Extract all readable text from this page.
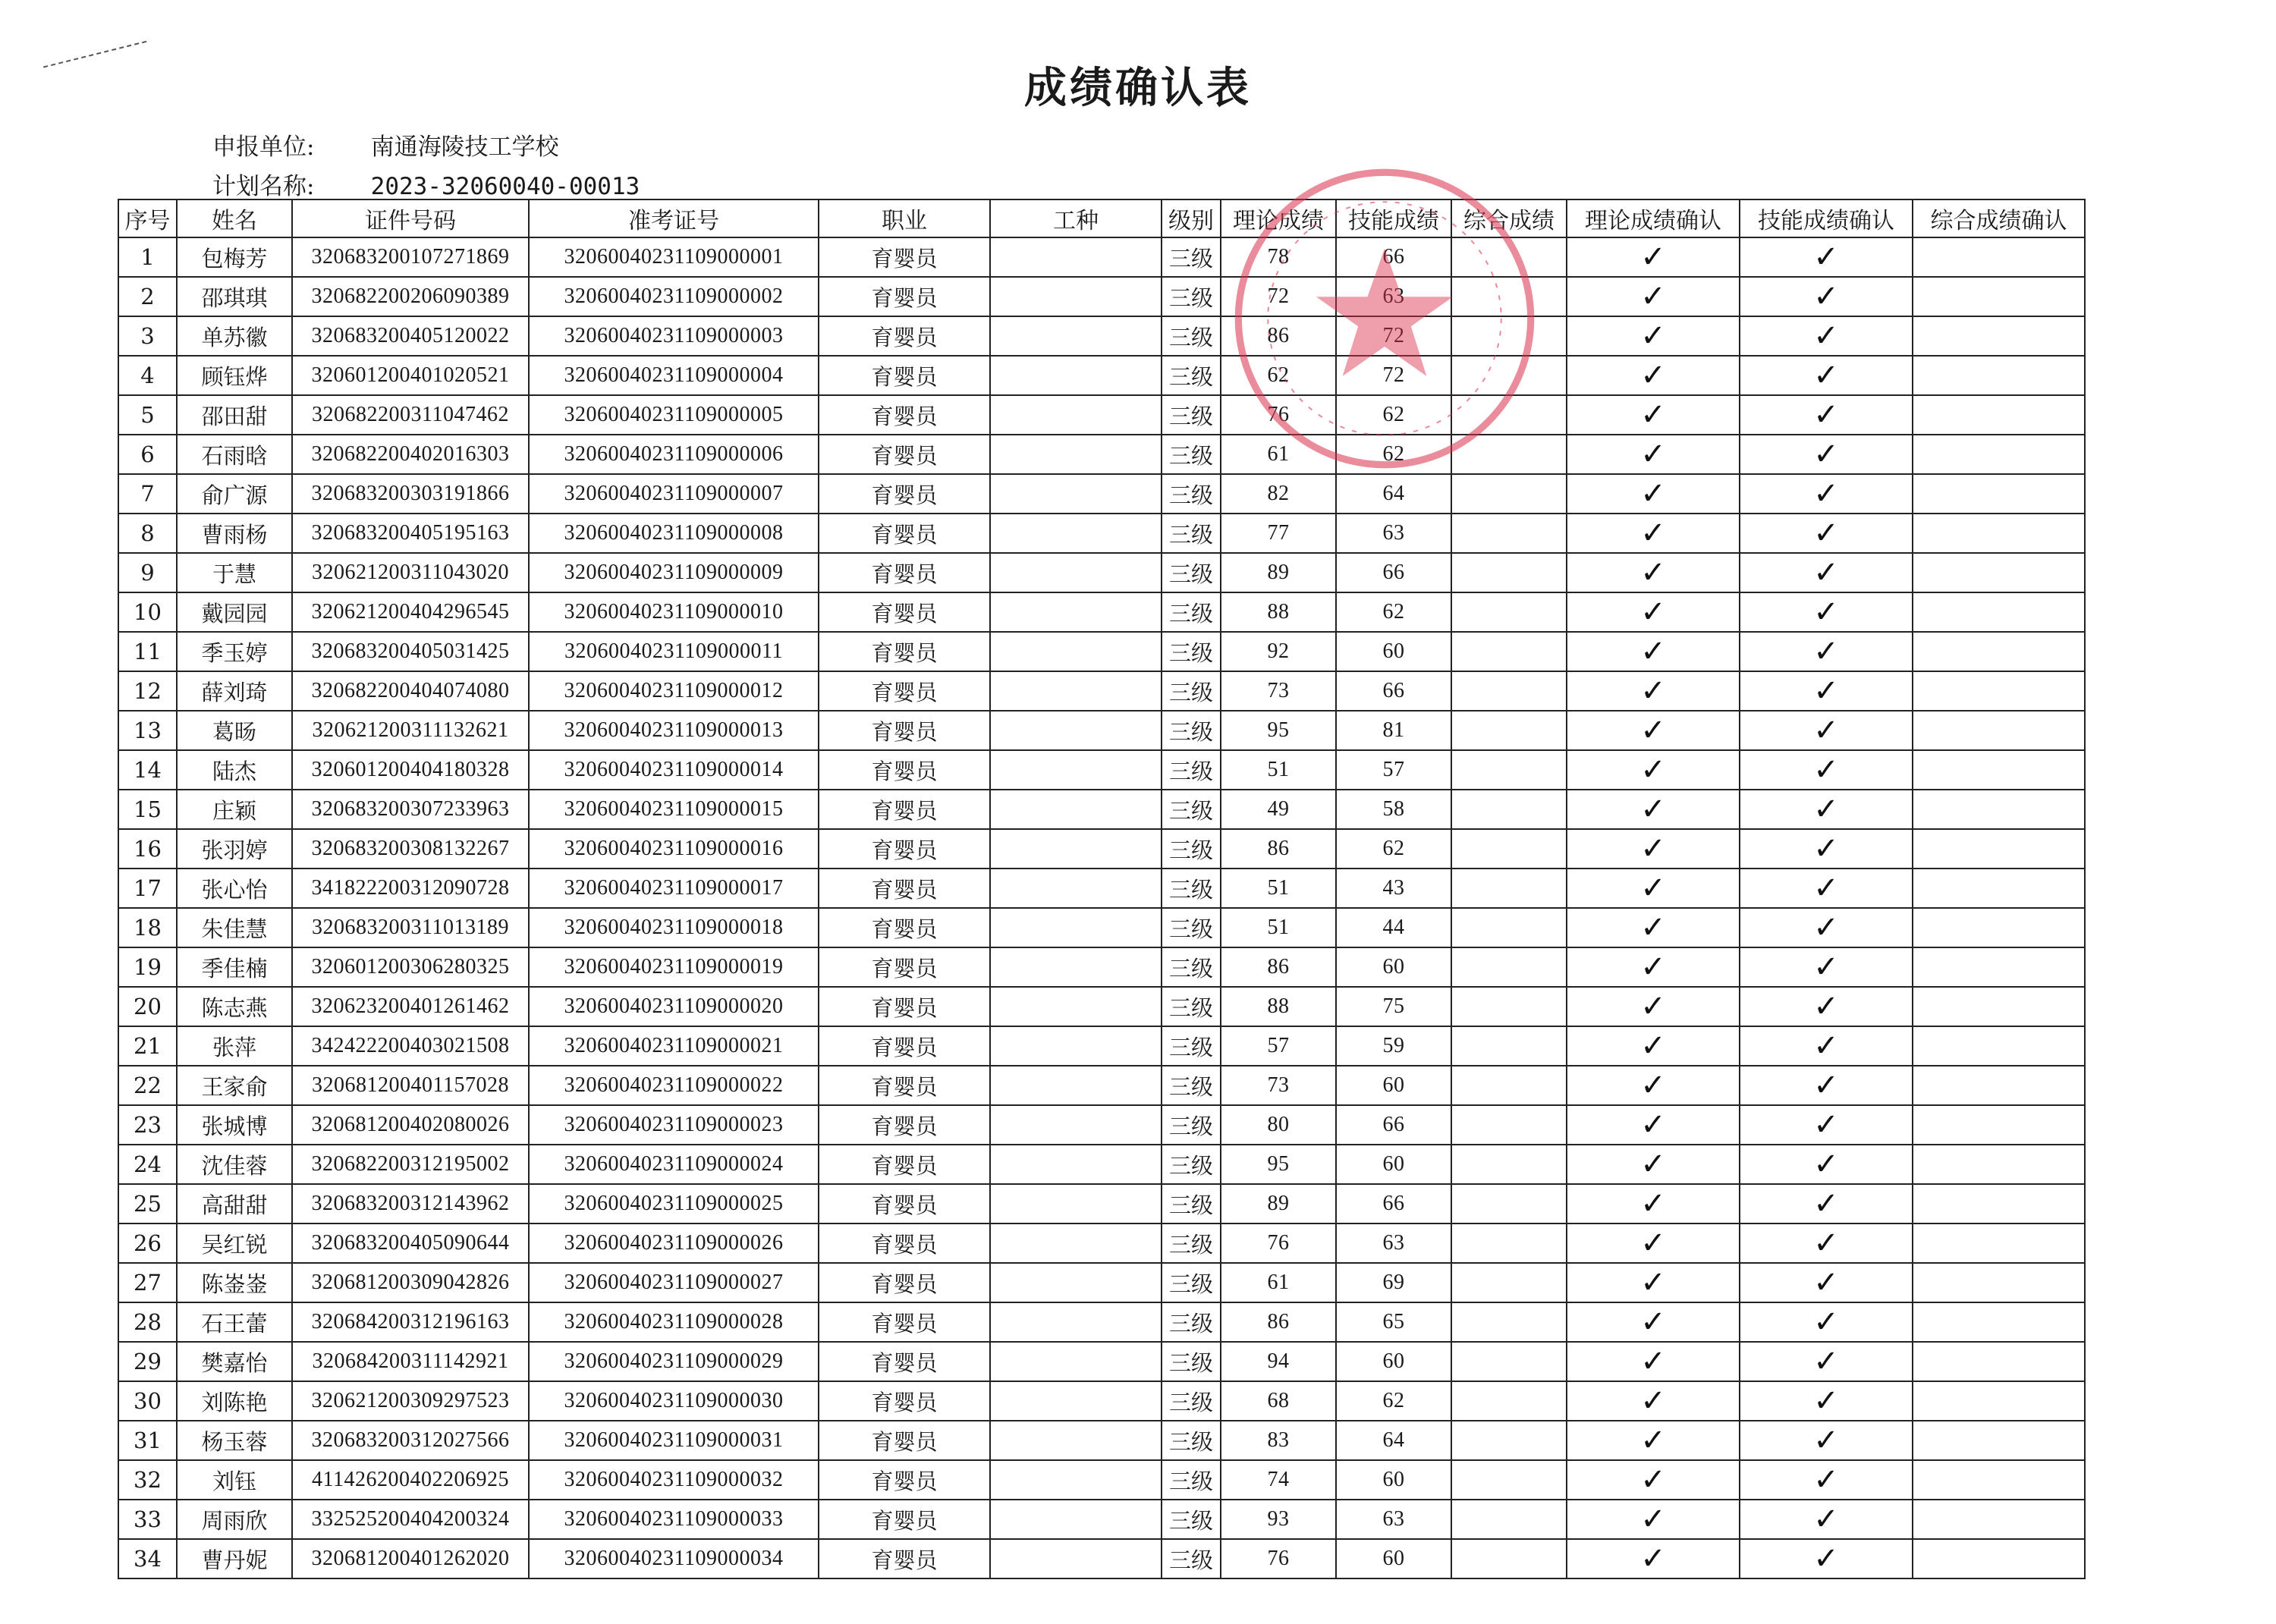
成绩确认表
申报单位: 南通海陵技工学校
计划名称: 2023-32060040-00013
序号	姓名	证件号码	准考证号	职业	工种	级别	理论成绩	技能成绩	综合成绩	理论成绩确认	技能成绩确认	综合成绩确认
1	包梅芳	320683200107271869	32060040231109000001	育婴员		三级	78	66		✓	✓	
2	邵琪琪	320682200206090389	32060040231109000002	育婴员		三级	72	63		✓	✓	
3	单苏徽	320683200405120022	32060040231109000003	育婴员		三级	86	72		✓	✓	
4	顾钰烨	320601200401020521	32060040231109000004	育婴员		三级	62	72		✓	✓	
5	邵田甜	320682200311047462	32060040231109000005	育婴员		三级	76	62		✓	✓	
6	石雨晗	320682200402016303	32060040231109000006	育婴员		三级	61	62		✓	✓	
7	俞广源	320683200303191866	32060040231109000007	育婴员		三级	82	64		✓	✓	
8	曹雨杨	320683200405195163	32060040231109000008	育婴员		三级	77	63		✓	✓	
9	于慧	320621200311043020	32060040231109000009	育婴员		三级	89	66		✓	✓	
10	戴园园	320621200404296545	32060040231109000010	育婴员		三级	88	62		✓	✓	
11	季玉婷	320683200405031425	32060040231109000011	育婴员		三级	92	60		✓	✓	
12	薛刘琦	320682200404074080	32060040231109000012	育婴员		三级	73	66		✓	✓	
13	葛旸	320621200311132621	32060040231109000013	育婴员		三级	95	81		✓	✓	
14	陆杰	320601200404180328	32060040231109000014	育婴员		三级	51	57		✓	✓	
15	庄颖	320683200307233963	32060040231109000015	育婴员		三级	49	58		✓	✓	
16	张羽婷	320683200308132267	32060040231109000016	育婴员		三级	86	62		✓	✓	
17	张心怡	341822200312090728	32060040231109000017	育婴员		三级	51	43		✓	✓	
18	朱佳慧	320683200311013189	32060040231109000018	育婴员		三级	51	44		✓	✓	
19	季佳楠	320601200306280325	32060040231109000019	育婴员		三级	86	60		✓	✓	
20	陈志燕	320623200401261462	32060040231109000020	育婴员		三级	88	75		✓	✓	
21	张萍	342422200403021508	32060040231109000021	育婴员		三级	57	59		✓	✓	
22	王家俞	320681200401157028	32060040231109000022	育婴员		三级	73	60		✓	✓	
23	张城博	320681200402080026	32060040231109000023	育婴员		三级	80	66		✓	✓	
24	沈佳蓉	320682200312195002	32060040231109000024	育婴员		三级	95	60		✓	✓	
25	高甜甜	320683200312143962	32060040231109000025	育婴员		三级	89	66		✓	✓	
26	吴红锐	320683200405090644	32060040231109000026	育婴员		三级	76	63		✓	✓	
27	陈崟崟	320681200309042826	32060040231109000027	育婴员		三级	61	69		✓	✓	
28	石王蕾	320684200312196163	32060040231109000028	育婴员		三级	86	65		✓	✓	
29	樊嘉怡	320684200311142921	32060040231109000029	育婴员		三级	94	60		✓	✓	
30	刘陈艳	320621200309297523	32060040231109000030	育婴员		三级	68	62		✓	✓	
31	杨玉蓉	320683200312027566	32060040231109000031	育婴员		三级	83	64		✓	✓	
32	刘钰	411426200402206925	32060040231109000032	育婴员		三级	74	60		✓	✓	
33	周雨欣	332525200404200324	32060040231109000033	育婴员		三级	93	63		✓	✓	
34	曹丹妮	320681200401262020	32060040231109000034	育婴员		三级	76	60		✓	✓	
